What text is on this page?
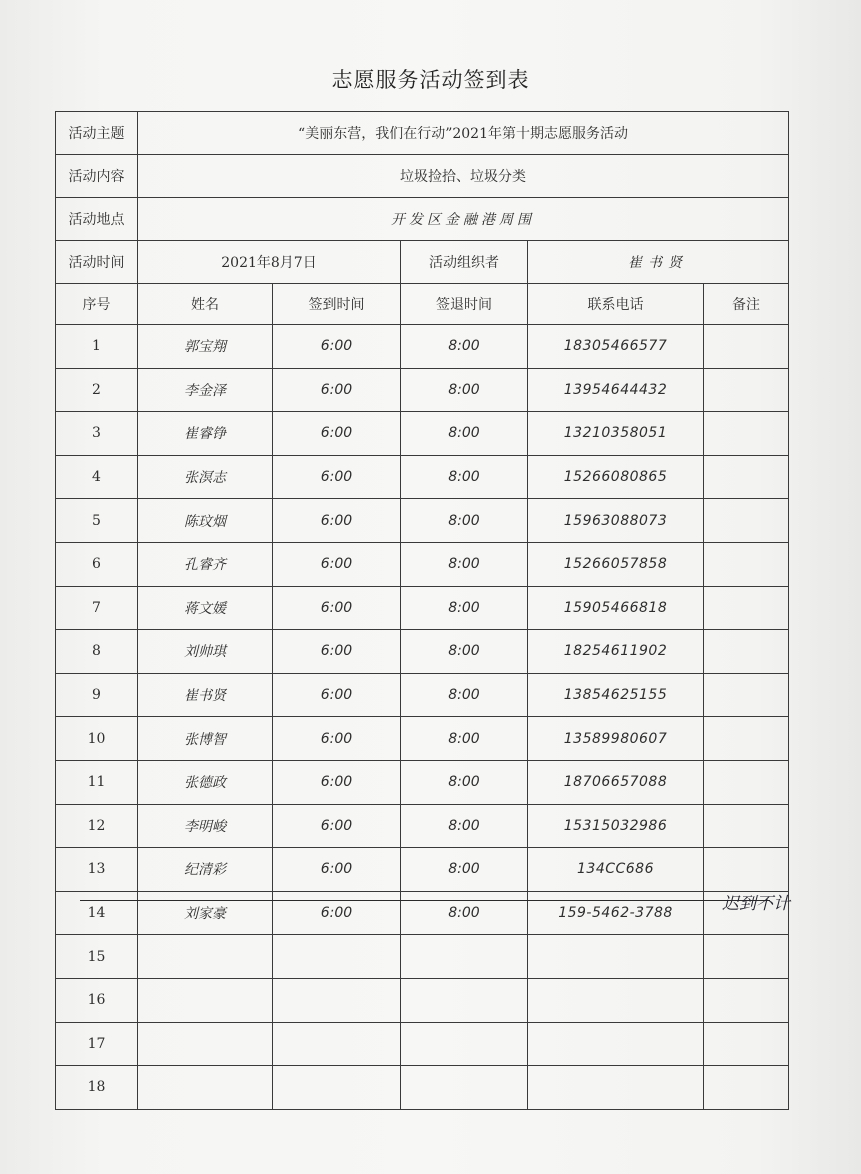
志愿服务活动签到表
活动主题	“美丽东营，我们在行动”2021年第十期志愿服务活动				
活动内容	垃圾捡拾、垃圾分类				
活动地点	开发区金融港周围				
活动时间	2021年8月7日		活动组织者	崔书贤	
序号	姓名	签到时间	签退时间	联系电话	备注
1	郭宝翔	6:00	8:00	18305466577	
2	李金泽	6:00	8:00	13954644432	
3	崔睿铮	6:00	8:00	13210358051	
4	张溟志	6:00	8:00	15266080865	
5	陈玟烟	6:00	8:00	15963088073	
6	孔睿齐	6:00	8:00	15266057858	
7	蒋文媛	6:00	8:00	15905466818	
8	刘帅琪	6:00	8:00	18254611902	
9	崔书贤	6:00	8:00	13854625155	
10	张博智	6:00	8:00	13589980607	
11	张德政	6:00	8:00	18706657088	
12	李明峻	6:00	8:00	15315032986	
13	纪清彩	6:00	8:00	134CC686	
14	刘家豪	6:00	8:00	159-5462-3788	
15					
16					
17					
18					
迟到不计
